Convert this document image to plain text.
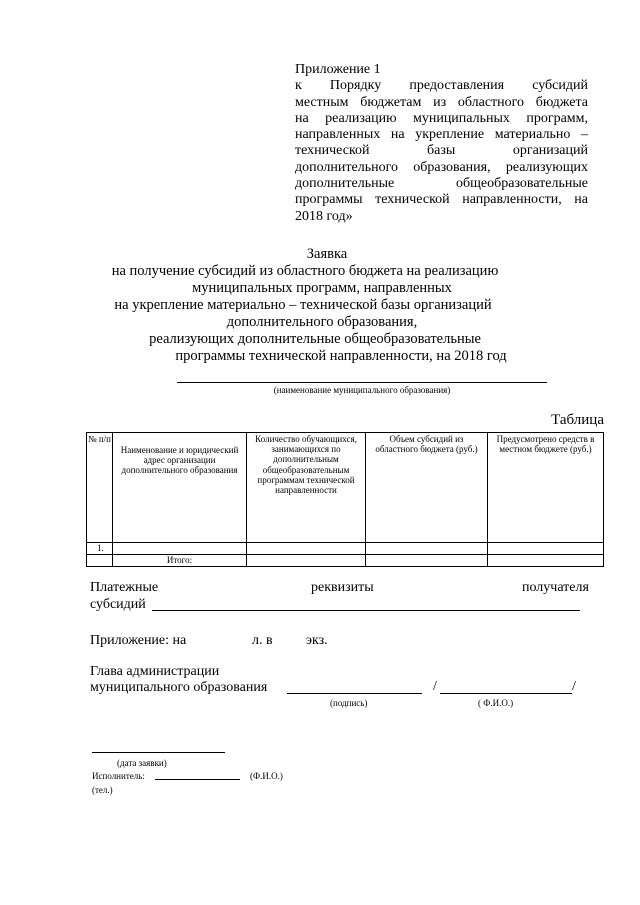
Приложение 1
к Порядку предоставления субсидий
местным бюджетам из областного бюджета
на реализацию муниципальных программ,
направленных на укрепление материально –
технической базы организаций
дополнительного образования, реализующих
дополнительные общеобразовательные
программы технической направленности, на
2018 год»
Заявка
на получение субсидий из областного бюджета на реализацию
муниципальных программ, направленных
на укрепление материально – технической базы организаций
дополнительного образования,
реализующих дополнительные общеобразовательные
программы технической направленности, на 2018 год
(наименование муниципального образования)
Таблица
№ п/п	Наименование и юридический адрес организации дополнительного образования	Количество обучающихся, занимающихся по дополнительным общеобразовательным программам технической направленности	Объем субсидий из областного бюджета (руб.)	Предусмотрено средств в местном бюджете (руб.)
1.				
	Итого:			
Платежные	реквизиты	получателя
субсидий
Приложение: на	л. в экз.
Глава администрации
муниципального образования	/	/
(подпись)	( Ф.И.О.)
(дата заявки)
Исполнитель:	(Ф.И.О.)
(тел.)
